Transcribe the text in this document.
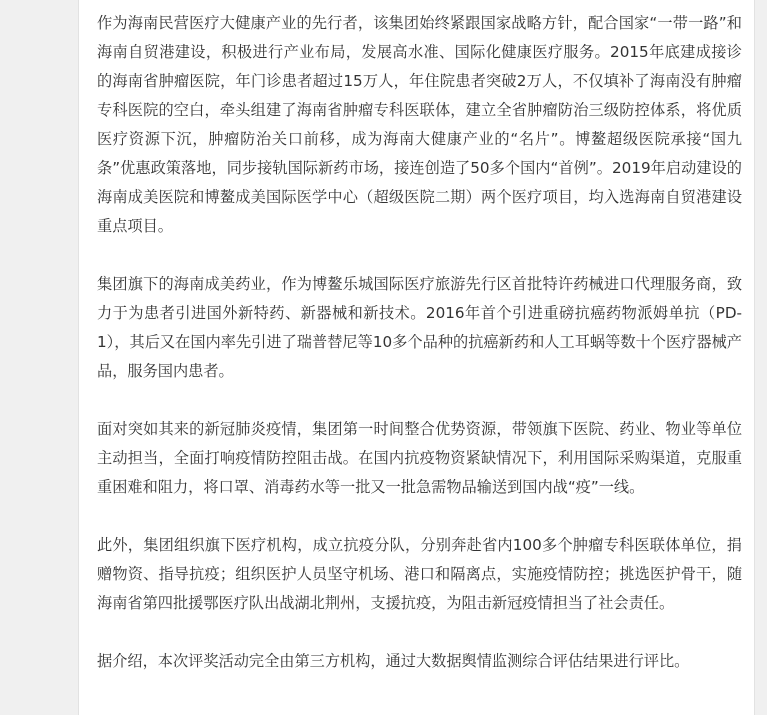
作为海南民营医疗大健康产业的先行者，该集团始终紧跟国家战略方针，配合国家“一带一路”和海南自贸港建设，积极进行产业布局，发展高水准、国际化健康医疗服务。2015年底建成接诊的海南省肿瘤医院，年门诊患者超过15万人，年住院患者突破2万人，不仅填补了海南没有肿瘤专科医院的空白，牵头组建了海南省肿瘤专科医联体，建立全省肿瘤防治三级防控体系，将优质医疗资源下沉，肿瘤防治关口前移，成为海南大健康产业的“名片”。博鳌超级医院承接“国九条”优惠政策落地，同步接轨国际新药市场，接连创造了50多个国内“首例”。2019年启动建设的海南成美医院和博鳌成美国际医学中心（超级医院二期）两个医疗项目，均入选海南自贸港建设重点项目。

集团旗下的海南成美药业，作为博鳌乐城国际医疗旅游先行区首批特许药械进口代理服务商，致力于为患者引进国外新特药、新器械和新技术。2016年首个引进重磅抗癌药物派姆单抗（PD-1），其后又在国内率先引进了瑞普替尼等10多个品种的抗癌新药和人工耳蜗等数十个医疗器械产品，服务国内患者。

面对突如其来的新冠肺炎疫情，集团第一时间整合优势资源，带领旗下医院、药业、物业等单位主动担当，全面打响疫情防控阻击战。在国内抗疫物资紧缺情况下，利用国际采购渠道，克服重重困难和阻力，将口罩、消毒药水等一批又一批急需物品输送到国内战“疫”一线。

此外，集团组织旗下医疗机构，成立抗疫分队，分别奔赴省内100多个肿瘤专科医联体单位，捐赠物资、指导抗疫；组织医护人员坚守机场、港口和隔离点，实施疫情防控；挑选医护骨干，随海南省第四批援鄂医疗队出战湖北荆州，支援抗疫，为阻击新冠疫情担当了社会责任。

据介绍，本次评奖活动完全由第三方机构，通过大数据舆情监测综合评估结果进行评比。
